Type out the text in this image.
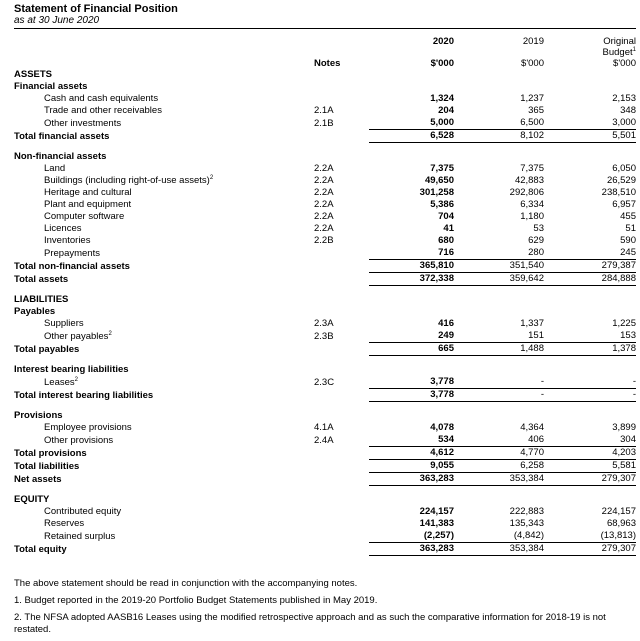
Statement of Financial Position
as at 30 June 2020
		2020	2019	Original
				Budget$^1$
	Notes	$'000	$'000	$'000
ASSETS				
Financial assets				
Cash and cash equivalents		1,324	1,237	2,153
Trade and other receivables	2.1A	204	365	348
Other investments	2.1B	5,000	6,500	3,000
Total financial assets		6,528	8,102	5,501

Non-financial assets				
Land	2.2A	7,375	7,375	6,050
Buildings (including right-of-use assets)$^2$	2.2A	49,650	42,883	26,529
Heritage and cultural	2.2A	301,258	292,806	238,510
Plant and equipment	2.2A	5,386	6,334	6,957
Computer software	2.2A	704	1,180	455
Licences	2.2A	41	53	51
Inventories	2.2B	680	629	590
Prepayments		716	280	245
Total non-financial assets		365,810	351,540	279,387
Total assets		372,338	359,642	284,888

LIABILITIES				
Payables				
Suppliers	2.3A	416	1,337	1,225
Other payables$^2$	2.3B	249	151	153
Total payables		665	1,488	1,378

Interest bearing liabilities				
Leases$^2$	2.3C	3,778	-	-
Total interest bearing liabilities		3,778	-	-

Provisions				
Employee provisions	4.1A	4,078	4,364	3,899
Other provisions	2.4A	534	406	304
Total provisions		4,612	4,770	4,203
Total liabilities		9,055	6,258	5,581
Net assets		363,283	353,384	279,307

EQUITY				
Contributed equity		224,157	222,883	224,157
Reserves		141,383	135,343	68,963
Retained surplus		(2,257)	(4,842)	(13,813)
Total equity		363,283	353,384	279,307

The above statement should be read in conjunction with the accompanying notes.

1. Budget reported in the 2019-20 Portfolio Budget Statements published in May 2019.

2. The NFSA adopted AASB16 Leases using the modified retrospective approach and as such the comparative information for 2018-19 is not restated.
